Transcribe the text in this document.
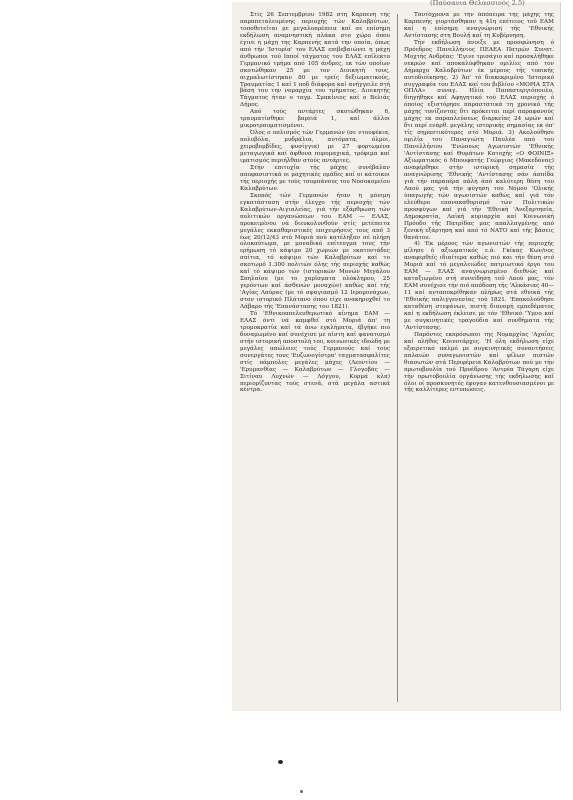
(Παύσανια Θελασσινός 2.5)

Στίς 26 Σεπτεμβρίου 1982 στη Καρπενή τής παραπεταλευμένης περιοχής τών Καλαβρύτων, τοποθετείται με μεγαλοπρέπεια καί σε επίσημη εκδήλωση αναμνηστική πλάκα στο χώρο όπου έγινε η μάχη της Καρπενής κατά την οποία, όπως από τήν 'Ιστορία' του ΕΛΑΣ επιβεβαιώνει η μάχη άνθρωποι τού Ιπποϊ τάγματος του ΕΛΑΣ επίλεκτο Γερμανικό τμήμα από 105 άνδρες, εκ τών οποίων σκοτώθηκαν 25 με τον Διοικητή τους, αιχμαλωτίστηκαν 80 με τρείς δεξιωματικούς, Τραυματίας 1 καί 1 ποδ διάφορα καί ανήγγειλε στή βάση του την νομαρχία του τμήματος. Διοικητής Τάγματος ήταν ο ταγμ. Σμακίνιος καί ο Βελιάς Δήμος.

Από τούς αντάρτες σκοτώθηκαν 6, τραυματίσθηκε βαρειά 1, καί άλλοι μικροτραυματισμένοι.

Όλος ο οπλισμός τών Γερμανών (σε ντουφέκια, πολυβόλα, μυδράλια, αυτόματα, όλμοι, χειροβομβίδες, φυσίγγια) με 27 φορτωμένα μεταγωγικά καί άφθονα πυρομαχικά, τρόφιμα καί ιματισμός περιήλθαν στούς αντάρτες.

Στήν επιτυχία τής μάχης συνέβαλαν αποφασιστικά οι μαχητικές ομάδες καί οι κάτοικοι τής περιοχής με τούς τσομπάνους του Νοσοκομείου Καλαβρύτων.

Σκοπός τών Γερμανών ήταν η μόνιμη εγκατάσταση στήν έλεγχο τής περιοχής τών Καλαβρύτων-Αιγιαλείας, γιά τήν εξάρθρωση τών πολιτικών οργανώσεων του ΕΑΜ — ΕΛΑΣ, προκειμένου νά διευκολυνθούν στίς μετέπειτα μεγάλες εκκαθαριστικές επιχειρήσεις τους από 3 έως 20/12/43 στό Μοριά πού κατέληξαν σέ πλήρη ολοκαύτωμα, με μοναδικό επίτευγμα τους τήν ερήμωση τό κάψιμο 20 χωριών με εκατοντάδες σπίτια, τό κάψιμο τών Καλαβρύτων καί το σκοτωμό 1.300 πολιτών όλης τής περιοχής καθώς καί τό κάψιμο τών (ιστορικών Μονών Μεγάλου Σπηλαίου (με το χαρίσματα ολόκληρου, 25 γερόντων καί άσθενών μοναχών) καθώς καί τής 'Αγίας Λαύρας (με τό σφαγιασμό 12 Ιερομονάχων, στον ιστορικό Πλάτανο όπου είχε ανακηρυχθεί το Λάβαρο τής 'Επανάστασης του 1821).

Τό 'Εθνικοαπελευθερωτικό κίνημα ΕΑΜ — ΕΛΑΣ όντι νά καμφθεί στό Μοριά άπ' τη τρομοκρατία καί τά άνω εγκλήματα, έβγήκε πιο δυναμωμένο καί συνέχισε με πίστη καί φανατισμό στήν ιστορική αποστολή του, κοινωνικές ιδεώδη με μεγάλες απώλειες τούς Γερμανούς καί τούς συνεργάτες τους 'Ευζωνογίστρα' ταγματασφαλίτες στίς πάμπολες μεγάλες μάχες (Λεοντίου — 'Ερυμανθίας — Καλαβρύτων — Γλογοβάς — Σιτίναυ Λυχνών — Λόγγου, Κορμά κλπ) περιορίζοντας τούς στενά, στά μεγάλα αστικά κέντρα.

Ταυτόχρονα με τήν άπόπειρα της μάχης τής Καρπενής γιορτάσθηκαν η 41η επέτειος τοῦ ΕΑΜ καί η επίσημη αναγνώριση τής 'Εθνικής Αντίστασης στη Βουλή καί τη Κυβέρνηση.

Τήν εκδήλωση άνοιξε με προσφώνηση ό Πρόεδρος Πανελλήνιος ΠΕΑΕΑ Πατρών Συνατ. Μοχτής Ανδρέας: 'Εγινε τρισάγιο καί προσκλήθηκε νεκρών καί αποκαλύφθηκαν ομιλίες από τον Δήμαρχο Καλαβρύτων έκ μέρους τής τοπικής αυτοδιοίκησης. 2) Άπ' τό διακεκριμένο 'Ιστορικό συγγραφέα του ΕΛΑΣ καί του βιβλίου «ΜΟΡΙΑ ΣΤΑ ΟΠΛΑ» συναγ. Ηλία Παπαστεργιόπουλο, διηγήθηκε καί Αφηγητικό τού ΕΛΑΣ περιοχής ό όποίος εξιστόρησε παραστατικά τη χρονικό τής μάχης τονίζοντας δτι πρόκειται περί παραφανούς μάχης εκ παραπλεύσεως διαρκείας 24 ωρών καί δτι περί ενάρθ. μεγάλης ιστορικής σημασίας εκ όπ' τίς σημαντικότερες στό Μοριά. 3) Ακολούθησε ομιλία του Παναγιώτη Παυλέα από του Πανελλήνιου 'Ενώσεως Αγωνιστών 'Εθνικής 'Αντίστασης καί Θυμάτων Κατοχής «Ο ΦΟΙΝΙΞ» Αξιωματικός ό Μπουφατής Γεώργιος (Μακεδόνας) αναφέρθηκε στήν ιστορική σημασία τής αναγνώρισης 'Εθνικής 'Αντίστασης σάν άσπίδα γιά τήν παραπέρα πάλη άπό καλύτερη θέση του Λαού μας γιά τήν φύγηση του Νόμου 'Ολικής ύπαγωγής τών αγωνιστών καθώς καί γιά τόν ελεύθερο επανακαθορισμό τών Πολιτικών προσφύγων καί γιά τήν 'Εθνική 'Ανεξαρτησία, Δημοκρατία, Λαϊκή κυριαρχία καί Κοινωνική Πρόοδο τής Πατρίδας μας απαλλαγμένης από ξενική εξάρτηση καί από τό ΝΑΤΟ καί τής βάσεις θανάτου.

4) 'Εκ μέρους τών αγωνιστών τής περιοχής μίλησε ό αξιωματικός ε.ά. Γκίκας Κων/νος αναφερθείς ιδιαίτερα καθώς πιό και τήν θέση στό Μοριά καί τό μεγαλειώδες πατριωτικό έργο του ΕΑΜ — ΕΛΑΣ αναγνωρισμένο διεθνώς καί καταξιωμένο στή συνείδηση τοῦ Λαού μας, τόν ΕΑΜ συνέχισε τήν πιό απόδοση τής 'Αλκάσιας 40—11 καί ανταποκρίθηκαν πλήρως στά εθνικά τής 'Εθνικής παλιγγενεσίας τού 1821. 'Επακολούθησε καταθέση στεφάνων, πιστή διανομή εμπεδέματος καί η εκδήλωση έκλεισε με τόν 'Εθνικό 'Ύμνο καί με συγκινητικές τραγούδια καί συνθήματα τής 'Αντίστασης.

Παρόντες εκπρόσωποι της Νομαρχίας 'Αχαΐας καί πλήθος Κοινοτάρχες. 'Η όλη εκδήλωση είχε εξαιρετικό παλμό με συγκινητικές συναντήσεις παλαιών συναγωνιστών καί φίλων πιστών θιασωτών στά Περιφέρεια Καλαβρύτων πού με τήν πρωτοβουλία τού Προέδρου 'Αντρέα Τάγαρη είχε τήν πρωτοβουλία οργάνωσης τής εκδήλωσης καί όλοι οί προσκυνητές έφυγαν κατενθουσιασμένοι με τής καλλίτερες εντυπώσεις.
